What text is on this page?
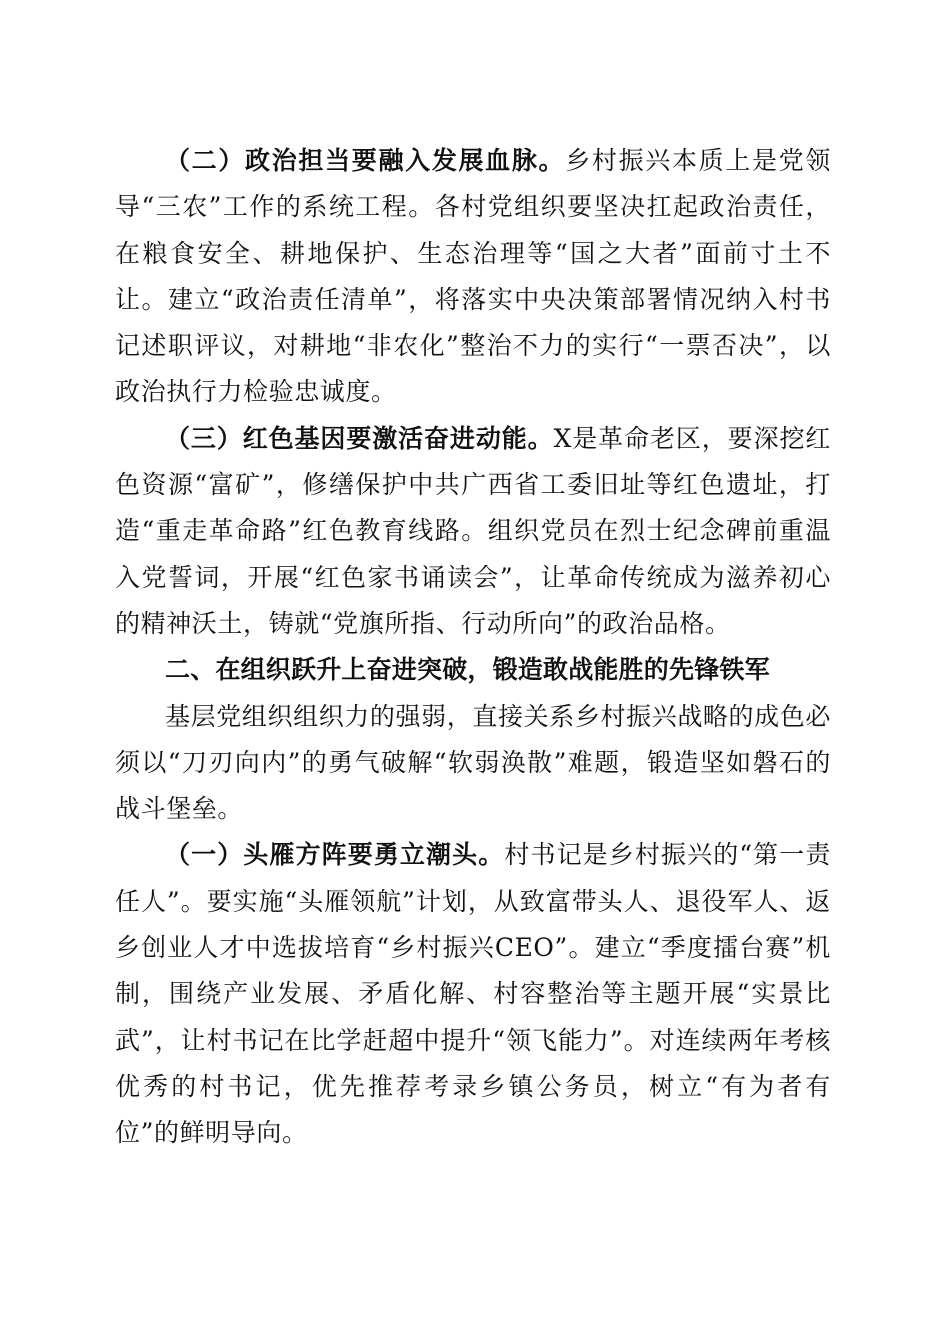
（二）政治担当要融入发展血脉。乡村振兴本质上是党领导“三农”工作的系统工程。各村党组织要坚决扛起政治责任，在粮食安全、耕地保护、生态治理等“国之大者”面前寸土不让。建立“政治责任清单”，将落实中央决策部署情况纳入村书记述职评议，对耕地“非农化”整治不力的实行“一票否决”，以政治执行力检验忠诚度。

（三）红色基因要激活奋进动能。X是革命老区，要深挖红色资源“富矿”，修缮保护中共广西省工委旧址等红色遗址，打造“重走革命路”红色教育线路。组织党员在烈士纪念碑前重温入党誓词，开展“红色家书诵读会”，让革命传统成为滋养初心的精神沃土，铸就“党旗所指、行动所向”的政治品格。

二、在组织跃升上奋进突破，锻造敢战能胜的先锋铁军

基层党组织组织力的强弱，直接关系乡村振兴战略的成色必须以“刀刃向内”的勇气破解“软弱涣散”难题，锻造坚如磐石的战斗堡垒。

（一）头雁方阵要勇立潮头。村书记是乡村振兴的“第一责任人”。要实施“头雁领航”计划，从致富带头人、退役军人、返乡创业人才中选拔培育“乡村振兴CEO”。建立“季度擂台赛”机制，围绕产业发展、矛盾化解、村容整治等主题开展“实景比武”，让村书记在比学赶超中提升“领飞能力”。对连续两年考核优秀的村书记，优先推荐考录乡镇公务员，树立“有为者有位”的鲜明导向。
